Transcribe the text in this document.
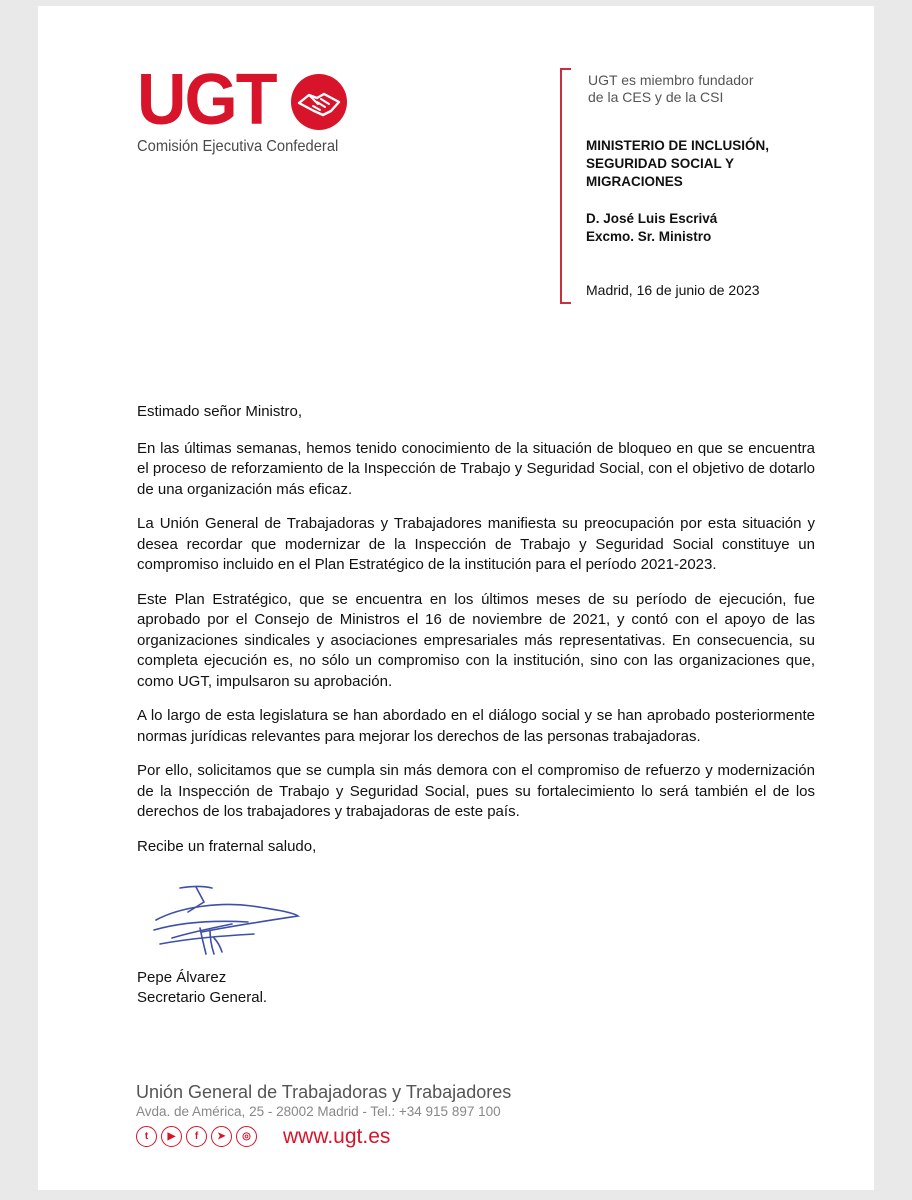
UGT
Comisión Ejecutiva Confederal
UGT es miembro fundador
de la CES y de la CSI
MINISTERIO DE INCLUSIÓN,
SEGURIDAD SOCIAL Y
MIGRACIONES
D. José Luis Escrivá
Excmo. Sr. Ministro
Madrid, 16 de junio de 2023

Estimado señor Ministro,

En las últimas semanas, hemos tenido conocimiento de la situación de bloqueo en que se encuentra el proceso de reforzamiento de la Inspección de Trabajo y Seguridad Social, con el objetivo de dotarlo de una organización más eficaz.

La Unión General de Trabajadoras y Trabajadores manifiesta su preocupación por esta situación y desea recordar que modernizar de la Inspección de Trabajo y Seguridad Social constituye un compromiso incluido en el Plan Estratégico de la institución para el período 2021-2023.

Este Plan Estratégico, que se encuentra en los últimos meses de su período de ejecución, fue aprobado por el Consejo de Ministros el 16 de noviembre de 2021, y contó con el apoyo de las organizaciones sindicales y asociaciones empresariales más representativas. En consecuencia, su completa ejecución es, no sólo un compromiso con la institución, sino con las organizaciones que, como UGT, impulsaron su aprobación.

A lo largo de esta legislatura se han abordado en el diálogo social y se han aprobado posteriormente normas jurídicas relevantes para mejorar los derechos de las personas trabajadoras.

Por ello, solicitamos que se cumpla sin más demora con el compromiso de refuerzo y modernización de la Inspección de Trabajo y Seguridad Social, pues su fortalecimiento lo será también el de los derechos de los trabajadores y trabajadoras de este país.

Recibe un fraternal saludo,

Pepe Álvarez
Secretario General.
Unión General de Trabajadoras y Trabajadores
Avda. de América, 25 - 28002 Madrid - Tel.: +34 915 897 100
t	▶	f	➤	◎ www.ugt.es
